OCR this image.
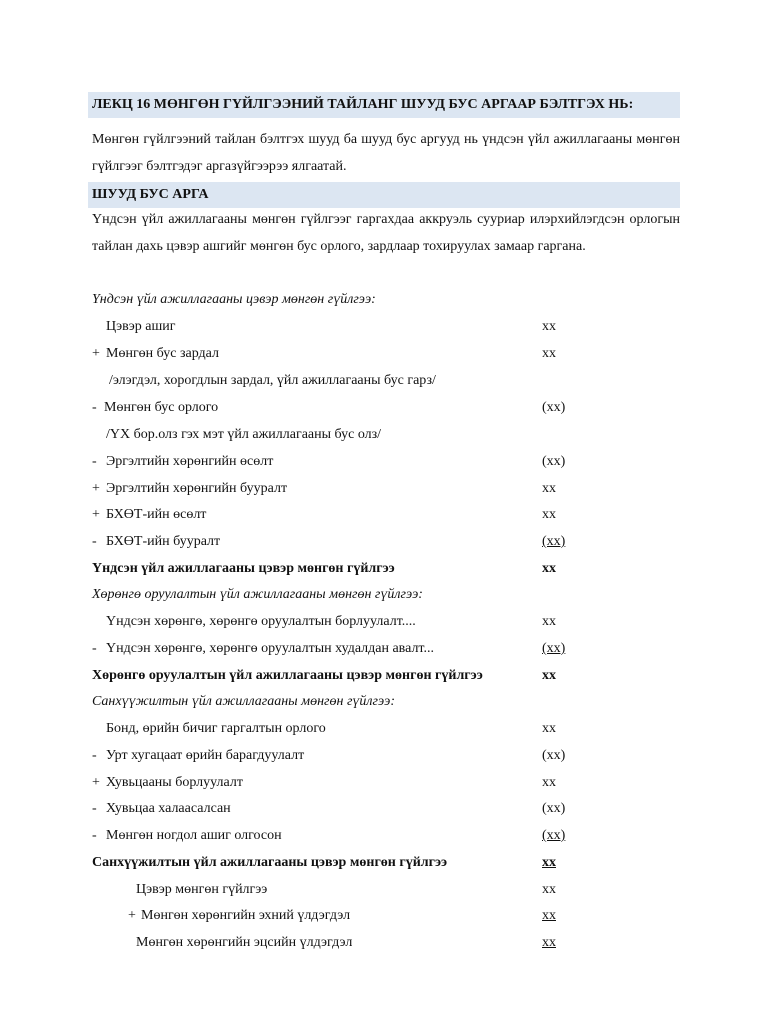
ЛЕКЦ 16 МӨНГӨН ГҮЙЛГЭЭНИЙ ТАЙЛАНГ ШУУД БУС АРГААР БЭЛТГЭХ НЬ:

Мөнгөн гүйлгээний тайлан бэлтгэх шууд ба шууд бус аргууд нь үндсэн үйл ажиллагааны мөнгөн гүйлгээг бэлтгэдэг аргазүйгээрээ ялгаатай.

ШУУД БУС АРГА

Үндсэн үйл ажиллагааны мөнгөн гүйлгээг гаргахдаа аккруэль сууриар илэрхийлэгдсэн орлогын тайлан дахь цэвэр ашгийг мөнгөн бус орлого, зардлаар тохируулах замаар гаргана.

Үндсэн үйл ажиллагааны цэвэр мөнгөн гүйлгээ:
Цэвэр ашиг	xx
+ Мөнгөн бус зардал	xx
/элэгдэл, хорогдлын зардал, үйл ажиллагааны бус гарз/
- Мөнгөн бус орлого	(xx)
/ҮХ бор.олз гэх мэт үйл ажиллагааны бус олз/
- Эргэлтийн хөрөнгийн өсөлт	(xx)
+ Эргэлтийн хөрөнгийн бууралт	xx
+ БХӨТ-ийн өсөлт	xx
- БХӨТ-ийн бууралт	(xx)
Үндсэн үйл ажиллагааны цэвэр мөнгөн гүйлгээ	xx
Хөрөнгө оруулалтын үйл ажиллагааны мөнгөн гүйлгээ:
Үндсэн хөрөнгө, хөрөнгө оруулалтын борлуулалт....	xx
- Үндсэн хөрөнгө, хөрөнгө оруулалтын худалдан авалт...	(xx)
Хөрөнгө оруулалтын үйл ажиллагааны цэвэр мөнгөн гүйлгээ	xx
Санхүүжилтын үйл ажиллагааны мөнгөн гүйлгээ:
Бонд, өрийн бичиг гаргалтын орлого	xx
- Урт хугацаат өрийн барагдуулалт	(xx)
+ Хувьцааны борлуулалт	xx
- Хувьцаа халаасалсан	(xx)
- Мөнгөн ногдол ашиг олгосон	(xx)
Санхүүжилтын үйл ажиллагааны цэвэр мөнгөн гүйлгээ	xx
Цэвэр мөнгөн гүйлгээ	xx
+ Мөнгөн хөрөнгийн эхний үлдэгдэл	xx
Мөнгөн хөрөнгийн эцсийн үлдэгдэл	xx
